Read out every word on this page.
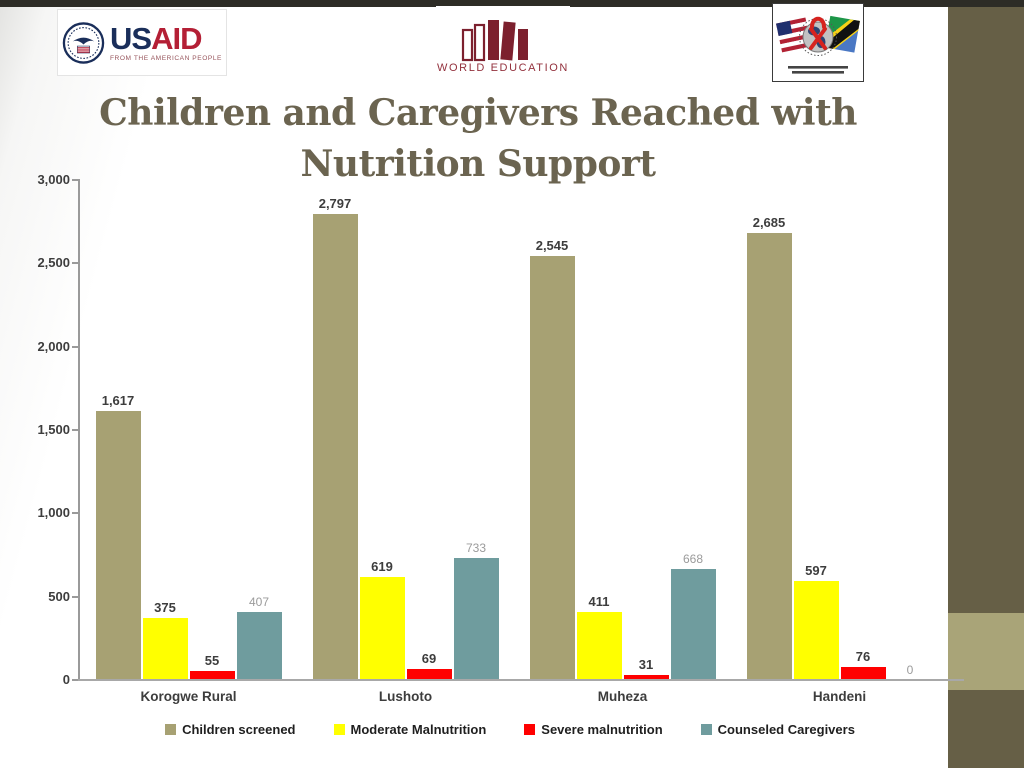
USAID
FROM THE AMERICAN PEOPLE
WORLD EDUCATION
Children and Caregivers Reached with Nutrition Support
3,000
2,500
2,000
1,500
1,000
500
0
1,617
375
55
407
Korogwe Rural
2,797
619
69
733
Lushoto
2,545
411
31
668
Muheza
2,685
597
76
0
Handeni
Children screened	Moderate Malnutrition	Severe malnutrition	Counseled Caregivers
